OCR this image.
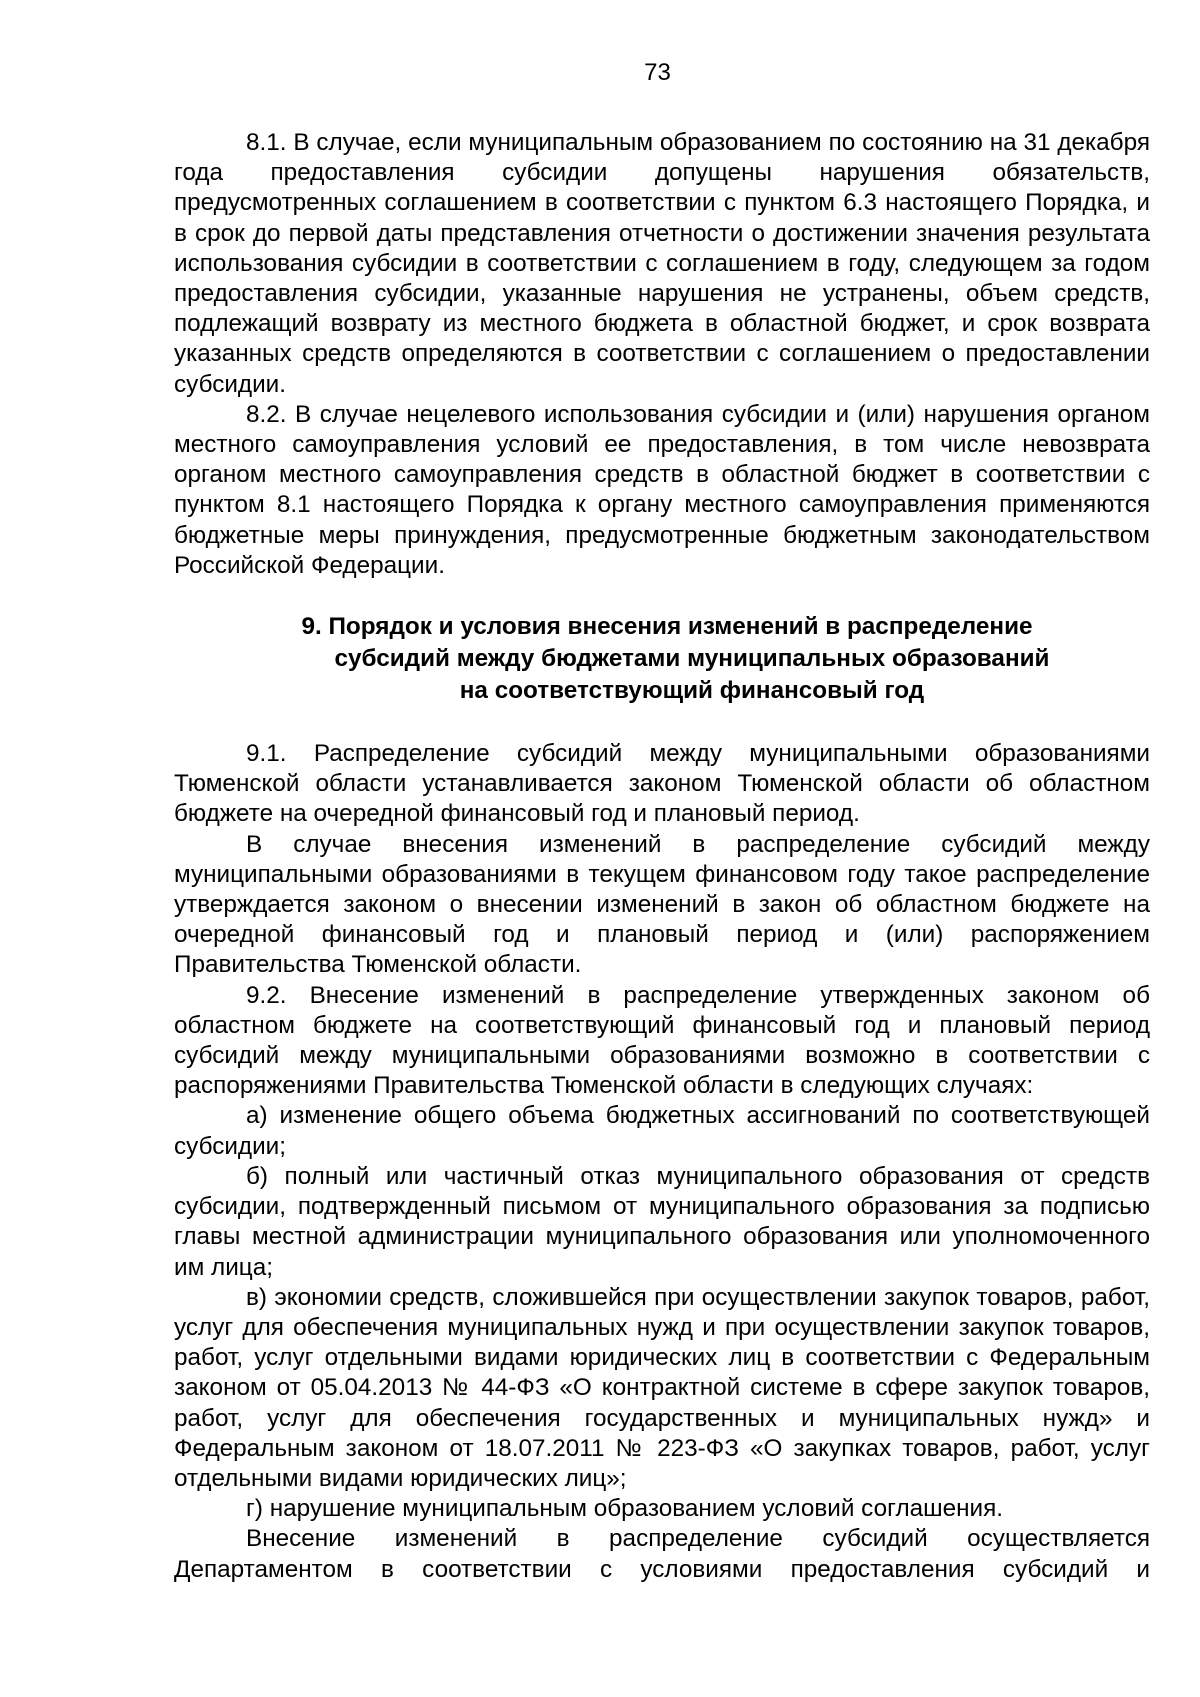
73

8.1. В случае, если муниципальным образованием по состоянию на 31 декабря года предоставления субсидии допущены нарушения обязательств, предусмотренных соглашением в соответствии с пунктом 6.3 настоящего Порядка, и в срок до первой даты представления отчетности о достижении значения результата использования субсидии в соответствии с соглашением в году, следующем за годом предоставления субсидии, указанные нарушения не устранены, объем средств, подлежащий возврату из местного бюджета в областной бюджет, и срок возврата указанных средств определяются в соответствии с соглашением о предоставлении субсидии.

8.2. В случае нецелевого использования субсидии и (или) нарушения органом местного самоуправления условий ее предоставления, в том числе невозврата органом местного самоуправления средств в областной бюджет в соответствии с пунктом 8.1 настоящего Порядка к органу местного самоуправления применяются бюджетные меры принуждения, предусмотренные бюджетным законодательством Российской Федерации.

9. Порядок и условия внесения изменений в распределение
субсидий между бюджетами муниципальных образований
на соответствующий финансовый год

9.1. Распределение субсидий между муниципальными образованиями Тюменской области устанавливается законом Тюменской области об областном бюджете на очередной финансовый год и плановый период.

В случае внесения изменений в распределение субсидий между муниципальными образованиями в текущем финансовом году такое распределение утверждается законом о внесении изменений в закон об областном бюджете на очередной финансовый год и плановый период и (или) распоряжением Правительства Тюменской области.

9.2. Внесение изменений в распределение утвержденных законом об областном бюджете на соответствующий финансовый год и плановый период субсидий между муниципальными образованиями возможно в соответствии с распоряжениями Правительства Тюменской области в следующих случаях:

а) изменение общего объема бюджетных ассигнований по соответствующей субсидии;

б) полный или частичный отказ муниципального образования от средств субсидии, подтвержденный письмом от муниципального образования за подписью главы местной администрации муниципального образования или уполномоченного им лица;

в) экономии средств, сложившейся при осуществлении закупок товаров, работ, услуг для обеспечения муниципальных нужд и при осуществлении закупок товаров, работ, услуг отдельными видами юридических лиц в соответствии с Федеральным законом от 05.04.2013 № 44-ФЗ «О контрактной системе в сфере закупок товаров, работ, услуг для обеспечения государственных и муниципальных нужд» и Федеральным законом от 18.07.2011 № 223-ФЗ «О закупках товаров, работ, услуг отдельными видами юридических лиц»;

г) нарушение муниципальным образованием условий соглашения.

Внесение изменений в распределение субсидий осуществляется Департаментом в соответствии с условиями предоставления субсидий и
